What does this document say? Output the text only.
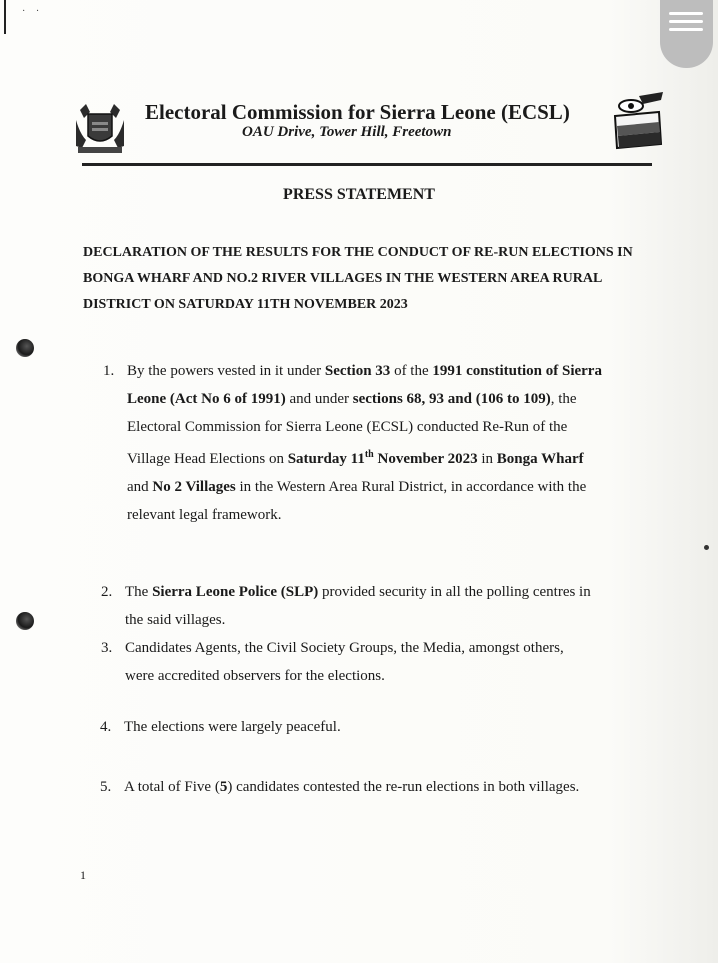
· ·
Electoral Commission for Sierra Leone (ECSL)
OAU Drive, Tower Hill, Freetown
PRESS STATEMENT
DECLARATION OF THE RESULTS FOR THE CONDUCT OF RE-RUN ELECTIONS IN BONGA WHARF AND NO.2 RIVER VILLAGES IN THE WESTERN AREA RURAL DISTRICT ON SATURDAY 11TH NOVEMBER 2023
1. By the powers vested in it under Section 33 of the 1991 constitution of Sierra
Leone (Act No 6 of 1991) and under sections 68, 93 and (106 to 109), the
Electoral Commission for Sierra Leone (ECSL) conducted Re-Run of the
Village Head Elections on Saturday 11th November 2023 in Bonga Wharf
and No 2 Villages in the Western Area Rural District, in accordance with the
relevant legal framework.
2. The Sierra Leone Police (SLP) provided security in all the polling centres in
the said villages.
3. Candidates Agents, the Civil Society Groups, the Media, amongst others,
were accredited observers for the elections.
4. The elections were largely peaceful.
5. A total of Five (5) candidates contested the re-run elections in both villages.
1
